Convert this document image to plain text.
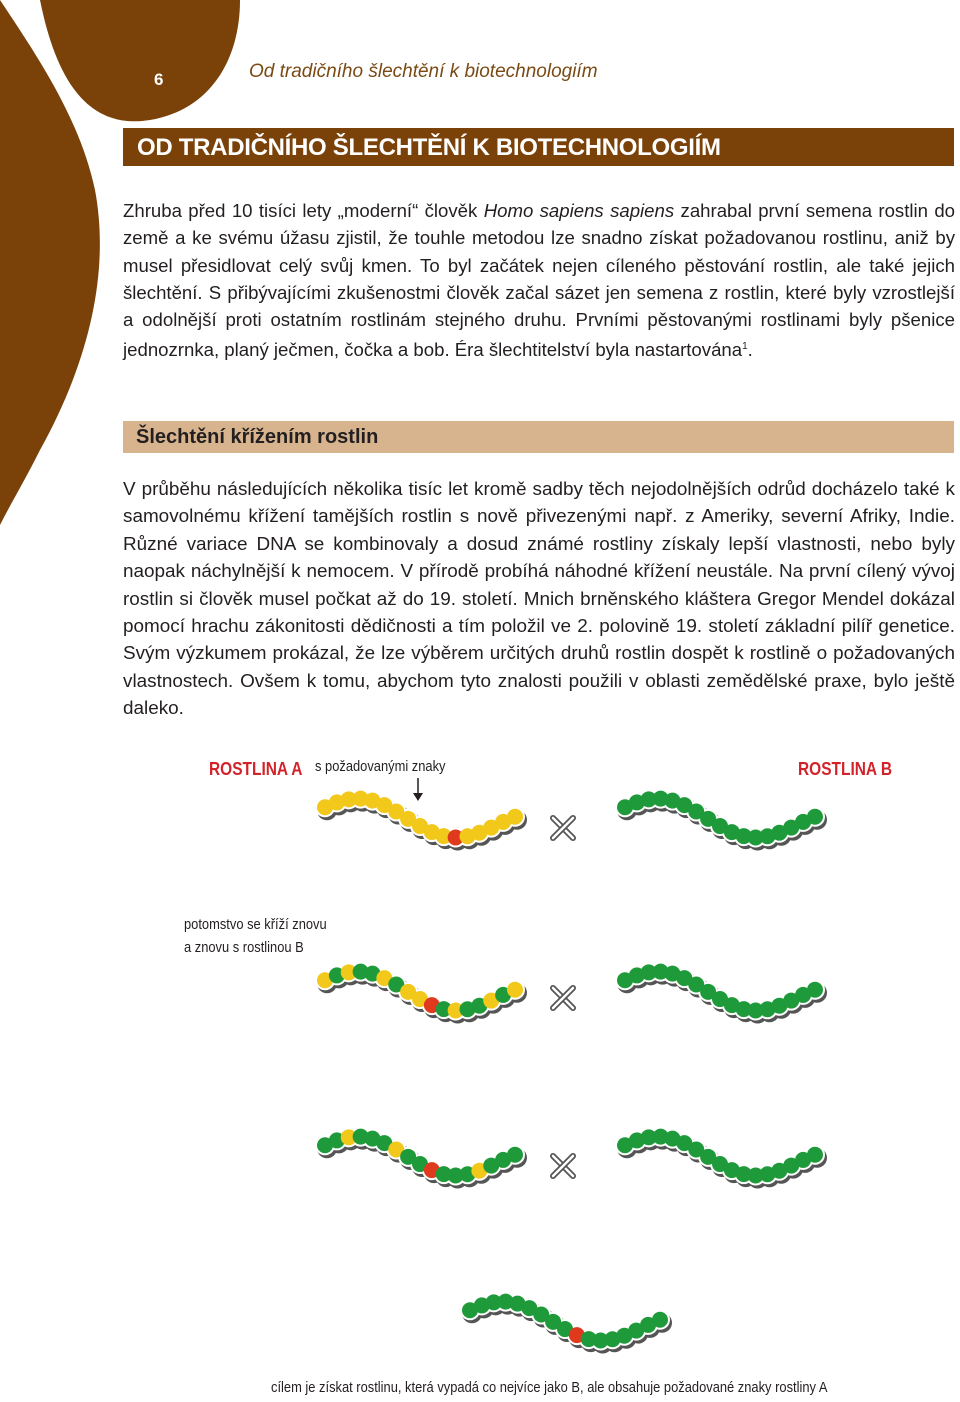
6	Od tradičního šlechtění k biotechnologiím
OD TRADIČNÍHO ŠLECHTĚNÍ K BIOTECHNOLOGIÍM

Zhruba před 10 tisíci lety „moderní“ člověk Homo sapiens sapiens zahrabal první semena rostlin do země a ke svému úžasu zjistil, že touhle metodou lze snadno získat požadovanou rostlinu, aniž by musel přesidlovat celý svůj kmen. To byl začátek nejen cíleného pěstování rostlin, ale také jejich šlechtění. S přibývajícími zkušenostmi člověk začal sázet jen semena z rostlin, které byly vzrostlejší a odolnější proti ostatním rostlinám stejného druhu. Prvními pěstovanými rostlinami byly pšenice jednozrnka, planý ječmen, čočka a bob. Éra šlechtitelství byla nastartována$^1$.

Šlechtění křížením rostlin

V průběhu následujících několika tisíc let kromě sadby těch nejodolnějších odrůd docházelo také k samovolnému křížení tamějších rostlin s nově přivezenými např. z Ameriky, severní Afriky, Indie. Různé variace DNA se kombinovaly a dosud známé rostliny získaly lepší vlastnosti, nebo byly naopak náchylnější k nemocem. V přírodě probíhá náhodné křížení neustále. Na první cílený vývoj rostlin si člověk musel počkat až do 19. století. Mnich brněnského kláštera Gregor Mendel dokázal pomocí hrachu zákonitosti dědičnosti a tím položil ve 2. polovině 19. století základní pilíř genetice. Svým výzkumem prokázal, že lze výběrem určitých druhů rostlin dospět k rostlině o požadovaných vlastnostech. Ovšem k tomu, abychom tyto znalosti použili v oblasti zemědělské praxe, bylo ještě daleko.

ROSTLINA A s požadovanými znaky	ROSTLINA B
potomstvo se kříží znovu
a znovu s rostlinou B
cílem je získat rostlinu, která vypadá co nejvíce jako B, ale obsahuje požadované znaky rostliny A
